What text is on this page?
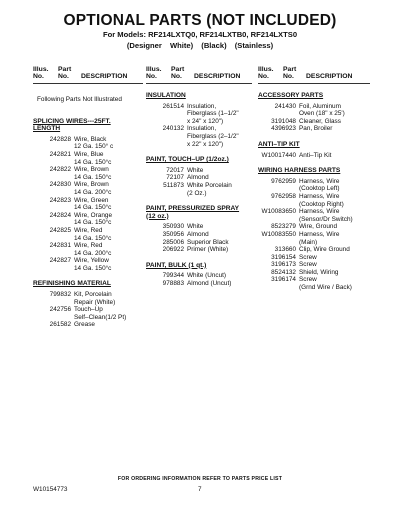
OPTIONAL PARTS (NOT INCLUDED)
For Models: RF214LXTQ0, RF214LXTB0, RF214LXTS0
(Designer White) (Black) (Stainless)
Illus.
No.
Part
No. DESCRIPTION
Following Parts Not Illustrated
SPLICING WIRES---25FT.
LENGTH
242828 Wire, Black
12 Ga. 150° c
242821 Wire, Blue
14 Ga. 150°c
242822 Wire, Brown
14 Ga. 150°c
242830 Wire, Brown
14 Ga. 200°c
242823 Wire, Green
14 Ga. 150°c
242824 Wire, Orange
14 Ga. 150°c
242825 Wire, Red
14 Ga. 150°c
242831 Wire, Red
14 Ga. 200°c
242827 Wire, Yellow
14 Ga. 150°c
REFINISHING MATERIAL
799832 Kit, Porcelain
Repair (White)
242756 Touch–Up
Self–Clean(1/2 Pt)
261582 Grease
Illus.
No.
Part
No. DESCRIPTION
INSULATION
261514 Insulation,
Fiberglass (1–1/2"
x 24" x 120")
240132 Insulation,
Fiberglass (2–1/2"
x 22" x 120")
PAINT, TOUCH–UP (1/2oz.)
72017 White
72107 Almond
511873 White Porcelain
(2 Oz.)
PAINT, PRESSURIZED SPRAY
(12 oz.)
350930 White
350956 Almond
285006 Superior Black
206922 Primer (White)
PAINT, BULK (1 qt.)
799344 White (Uncut)
978883 Almond (Uncut)
Illus.
No.
Part
No. DESCRIPTION
ACCESSORY PARTS
241430 Foil, Aluminum
Oven (18" x 25')
3191048 Cleaner, Glass
4396923 Pan, Broiler
ANTI–TIP KIT
W10017440 Anti–Tip Kit
WIRING HARNESS PARTS
9762959 Harness, Wire
(Cooktop Left)
9762958 Harness, Wire
(Cooktop Right)
W10083650 Harness, Wire
(Sensor/Dr Switch)
8523279 Wire, Ground
W10083550 Harness, Wire
(Main)
313660 Clip, Wire Ground
3196154 Screw
3196173 Screw
8524132 Shield, Wiring
3196174 Screw
(Grnd Wire / Back)
FOR ORDERING INFORMATION REFER TO PARTS PRICE LIST
W10154773	7
